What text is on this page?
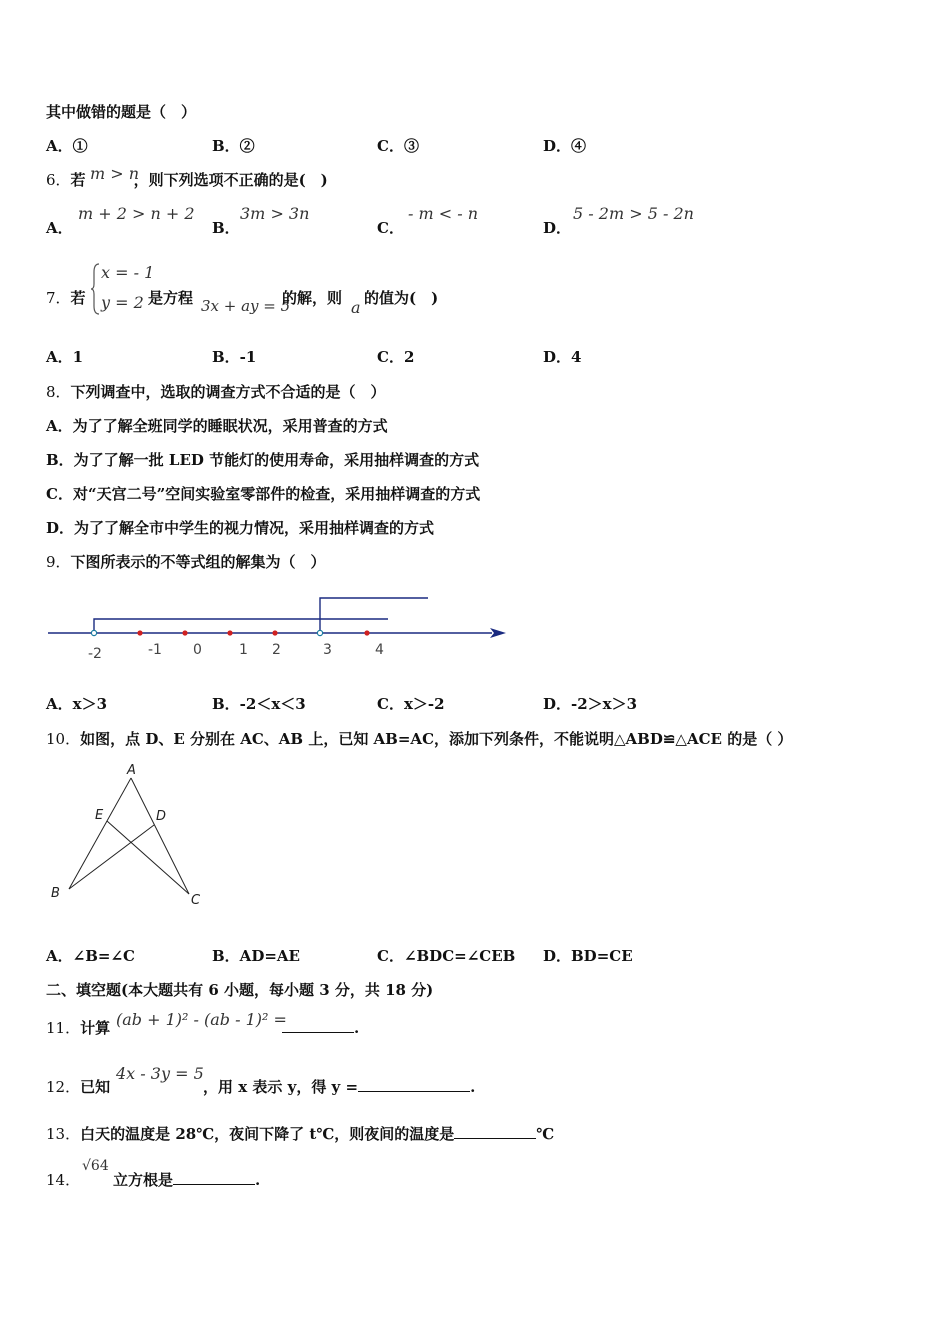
其中做错的题是（　）
A．①	B．②	C．③	D．④
6．若	，则下列选项不正确的是(　)
m > n
A．
m + 2 > n + 2
B．
3m > 3n
C．
- m < - n
D．
5 - 2m > 5 - 2n
7．若
x = - 1
y = 2 是方程 3x + ay = 5
的解，则 a 的值为(　)
A．1	B．-1	C．2	D．4
8．下列调查中，选取的调查方式不合适的是（　）
A．为了了解全班同学的睡眠状况，采用普查的方式
B．为了了解一批 LED 节能灯的使用寿命，采用抽样调查的方式
C．对“天宫二号”空间实验室零部件的检查，采用抽样调查的方式
D．为了了解全市中学生的视力情况，采用抽样调查的方式
9．下图所表示的不等式组的解集为（　）
-2	-1 0	1 2	3	4
A．x＞3	B．-2＜x＜3	C．x＞-2	D．-2＞x＞3
10．如图，点 D、E 分别在 AC、AB 上，已知 AB=AC，添加下列条件，不能说明△ABD≌△ACE 的是（ ）
A
E	D
B	C
A．∠B=∠C	B．AD=AE	C．∠BDC=∠CEB D．BD=CE
二、填空题(本大题共有 6 小题，每小题 3 分，共 18 分)
11．计算 (ab + 1)² - (ab - 1)² =	.
12．已知
4x - 3y = 5
，用 x 表示 y，得 y =	.
13．白天的温度是 28℃，夜间下降了 t℃，则夜间的温度是	℃
14．
√64
立方根是	.
